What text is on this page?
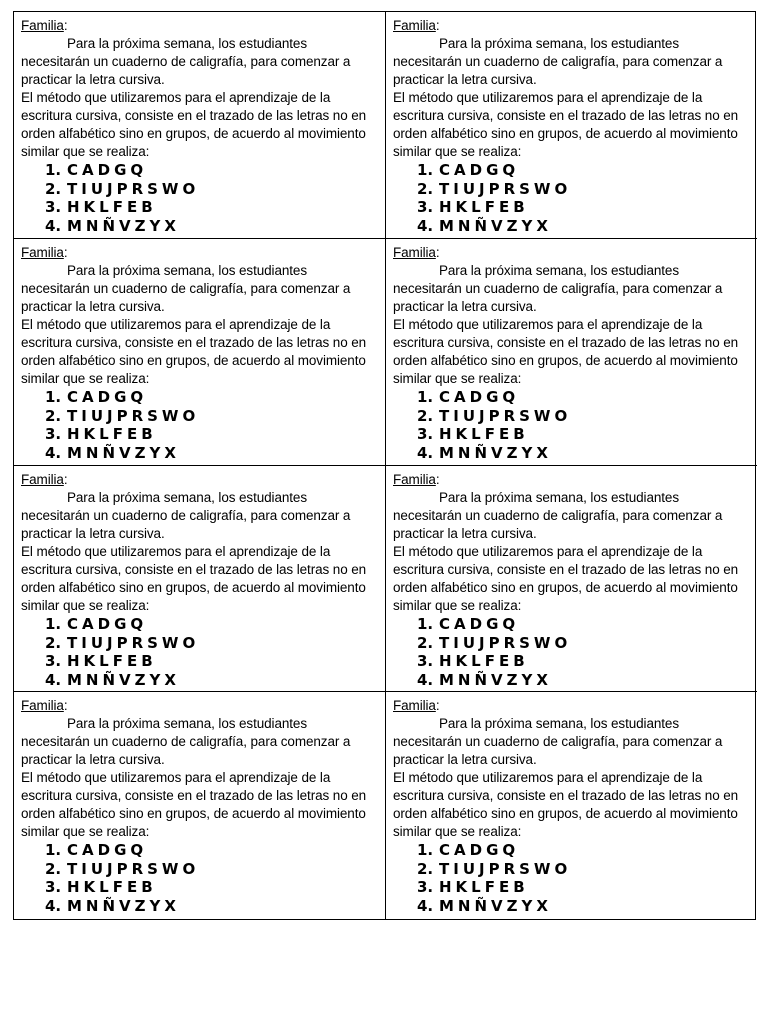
Familia:

Para la próxima semana, los estudiantes necesitarán un cuaderno de caligrafía, para comenzar a practicar la letra cursiva.

El método que utilizaremos para el aprendizaje de la escritura cursiva, consiste en el trazado de las letras no en orden alfabético sino en grupos, de acuerdo al movimiento similar que se realiza:

1. CADGQ
2. TIUJPRSWO
3. HKLFEB
4. MNÑVZYX

Familia:

Para la próxima semana, los estudiantes necesitarán un cuaderno de caligrafía, para comenzar a practicar la letra cursiva.

El método que utilizaremos para el aprendizaje de la escritura cursiva, consiste en el trazado de las letras no en orden alfabético sino en grupos, de acuerdo al movimiento similar que se realiza:

1. CADGQ
2. TIUJPRSWO
3. HKLFEB
4. MNÑVZYX

Familia:

Para la próxima semana, los estudiantes necesitarán un cuaderno de caligrafía, para comenzar a practicar la letra cursiva.

El método que utilizaremos para el aprendizaje de la escritura cursiva, consiste en el trazado de las letras no en orden alfabético sino en grupos, de acuerdo al movimiento similar que se realiza:

1. CADGQ
2. TIUJPRSWO
3. HKLFEB
4. MNÑVZYX

Familia:

Para la próxima semana, los estudiantes necesitarán un cuaderno de caligrafía, para comenzar a practicar la letra cursiva.

El método que utilizaremos para el aprendizaje de la escritura cursiva, consiste en el trazado de las letras no en orden alfabético sino en grupos, de acuerdo al movimiento similar que se realiza:

1. CADGQ
2. TIUJPRSWO
3. HKLFEB
4. MNÑVZYX

Familia:

Para la próxima semana, los estudiantes necesitarán un cuaderno de caligrafía, para comenzar a practicar la letra cursiva.

El método que utilizaremos para el aprendizaje de la escritura cursiva, consiste en el trazado de las letras no en orden alfabético sino en grupos, de acuerdo al movimiento similar que se realiza:

1. CADGQ
2. TIUJPRSWO
3. HKLFEB
4. MNÑVZYX

Familia:

Para la próxima semana, los estudiantes necesitarán un cuaderno de caligrafía, para comenzar a practicar la letra cursiva.

El método que utilizaremos para el aprendizaje de la escritura cursiva, consiste en el trazado de las letras no en orden alfabético sino en grupos, de acuerdo al movimiento similar que se realiza:

1. CADGQ
2. TIUJPRSWO
3. HKLFEB
4. MNÑVZYX

Familia:

Para la próxima semana, los estudiantes necesitarán un cuaderno de caligrafía, para comenzar a practicar la letra cursiva.

El método que utilizaremos para el aprendizaje de la escritura cursiva, consiste en el trazado de las letras no en orden alfabético sino en grupos, de acuerdo al movimiento similar que se realiza:

1. CADGQ
2. TIUJPRSWO
3. HKLFEB
4. MNÑVZYX

Familia:

Para la próxima semana, los estudiantes necesitarán un cuaderno de caligrafía, para comenzar a practicar la letra cursiva.

El método que utilizaremos para el aprendizaje de la escritura cursiva, consiste en el trazado de las letras no en orden alfabético sino en grupos, de acuerdo al movimiento similar que se realiza:

1. CADGQ
2. TIUJPRSWO
3. HKLFEB
4. MNÑVZYX
